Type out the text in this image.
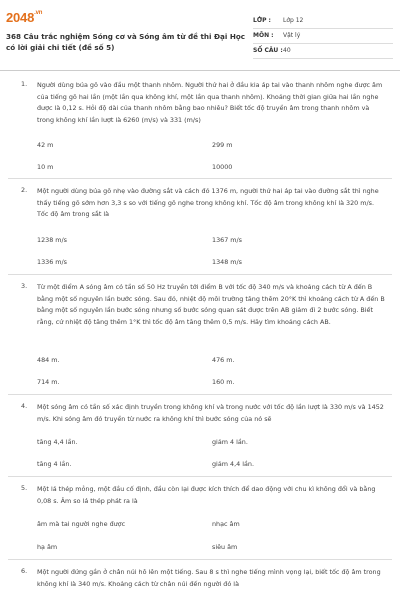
$2048^{.vn}$
368 Câu trắc nghiệm Sóng cơ và Sóng âm từ đề thi Đại Học có lời giải chi tiết (đề số 5)
LỚP : Lớp 12
MÔN : Vật lý
SỐ CÂU : 40
1. Người dùng búa gõ vào đầu một thanh nhôm. Người thứ hai ở đầu kia áp tai vào thanh nhôm nghe được âm của tiếng gõ hai lần (một lần qua không khí, một lần qua thanh nhôm). Khoảng thời gian giữa hai lần nghe được là 0,12 s. Hỏi độ dài của thanh nhôm bằng bao nhiêu? Biết tốc độ truyền âm trong thanh nhôm và trong không khí lần lượt là 6260 (m/s) và 331 (m/s)
42 m	299 m
10 m	10000
2. Một người dùng búa gõ nhẹ vào đường sắt và cách đó 1376 m, người thứ hai áp tai vào đường sắt thì nghe thấy tiếng gõ sớm hơn 3,3 s so với tiếng gõ nghe trong không khí. Tốc độ âm trong không khí là 320 m/s. Tốc độ âm trong sắt là
1238 m/s	1367 m/s
1336 m/s	1348 m/s
3. Từ một điểm A sóng âm có tần số 50 Hz truyền tới điểm B với tốc độ 340 m/s và khoảng cách từ A đến B bằng một số nguyên lần bước sóng. Sau đó, nhiệt độ môi trường tăng thêm 20°K thì khoảng cách từ A đến B bằng một số nguyên lần bước sóng nhưng số bước sóng quan sát được trên AB giảm đi 2 bước sóng. Biết rằng, cứ nhiệt độ tăng thêm 1°K thì tốc độ âm tăng thêm 0,5 m/s. Hãy tìm khoảng cách AB.
484 m.	476 m.
714 m.	160 m.
4. Một sóng âm có tần số xác định truyền trong không khí và trong nước với tốc độ lần lượt là 330 m/s và 1452 m/s. Khi sóng âm đó truyền từ nước ra không khí thì bước sóng của nó sẽ
tăng 4,4 lần.	giảm 4 lần.
tăng 4 lần.	giảm 4,4 lần.
5. Một lá thép mỏng, một đầu cố định, đầu còn lại được kích thích để dao động với chu kì không đổi và bằng 0,08 s. Âm so lá thép phát ra là
âm mà tai người nghe được	nhạc âm
hạ âm	siêu âm
6. Một người đứng gần ở chân núi hô lên một tiếng. Sau 8 s thì nghe tiếng mình vọng lại, biết tốc độ âm trong không khí là 340 m/s. Khoảng cách từ chân núi đến người đó là
